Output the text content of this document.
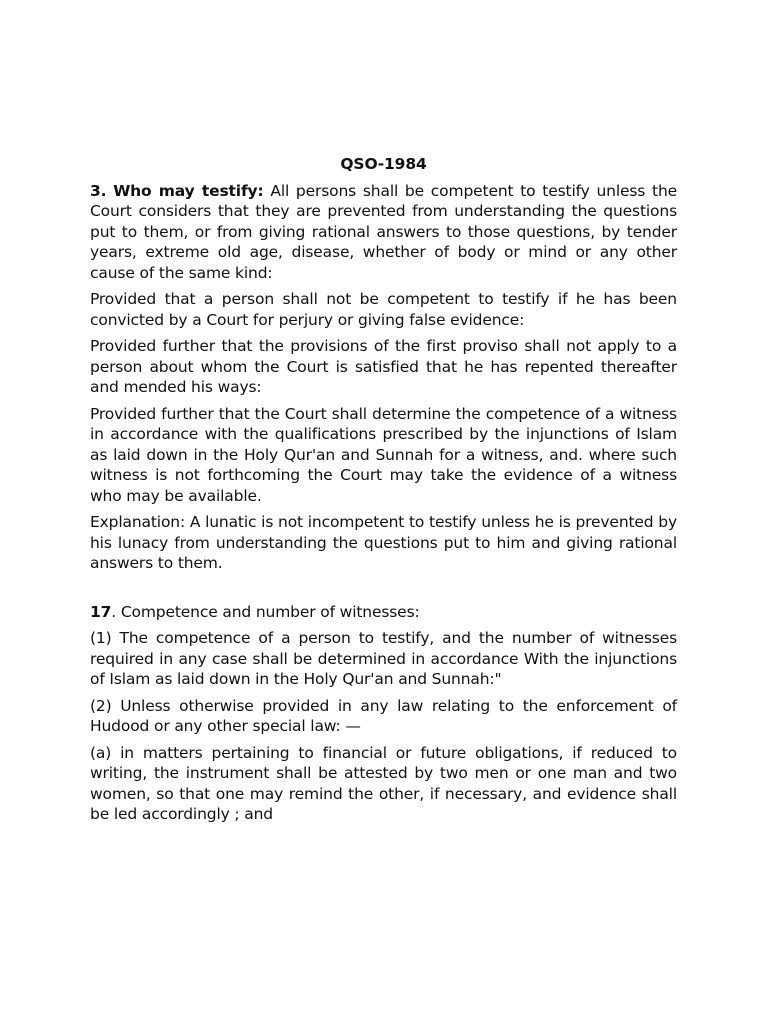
QSO-1984

3. Who may testify: All persons shall be competent to testify unless the Court considers that they are prevented from understanding the questions put to them, or from giving rational answers to those questions, by tender years, extreme old age, disease, whether of body or mind or any other cause of the same kind:

Provided that a person shall not be competent to testify if he has been convicted by a Court for perjury or giving false evidence:

Provided further that the provisions of the first proviso shall not apply to a person about whom the Court is satisfied that he has repented thereafter and mended his ways:

Provided further that the Court shall determine the competence of a witness in accordance with the qualifications prescribed by the injunctions of Islam as laid down in the Holy Qur'an and Sunnah for a witness, and. where such witness is not forthcoming the Court may take the evidence of a witness who may be available.

Explanation: A lunatic is not incompetent to testify unless he is prevented by his lunacy from understanding the questions put to him and giving rational answers to them.

17. Competence and number of witnesses:

(1) The competence of a person to testify, and the number of witnesses required in any case shall be determined in accordance With the injunctions of Islam as laid down in the Holy Qur'an and Sunnah:"

(2) Unless otherwise provided in any law relating to the enforcement of Hudood or any other special law: —

(a) in matters pertaining to financial or future obligations, if reduced to writing, the instrument shall be attested by two men or one man and two women, so that one may remind the other, if necessary, and evidence shall be led accordingly ; and
